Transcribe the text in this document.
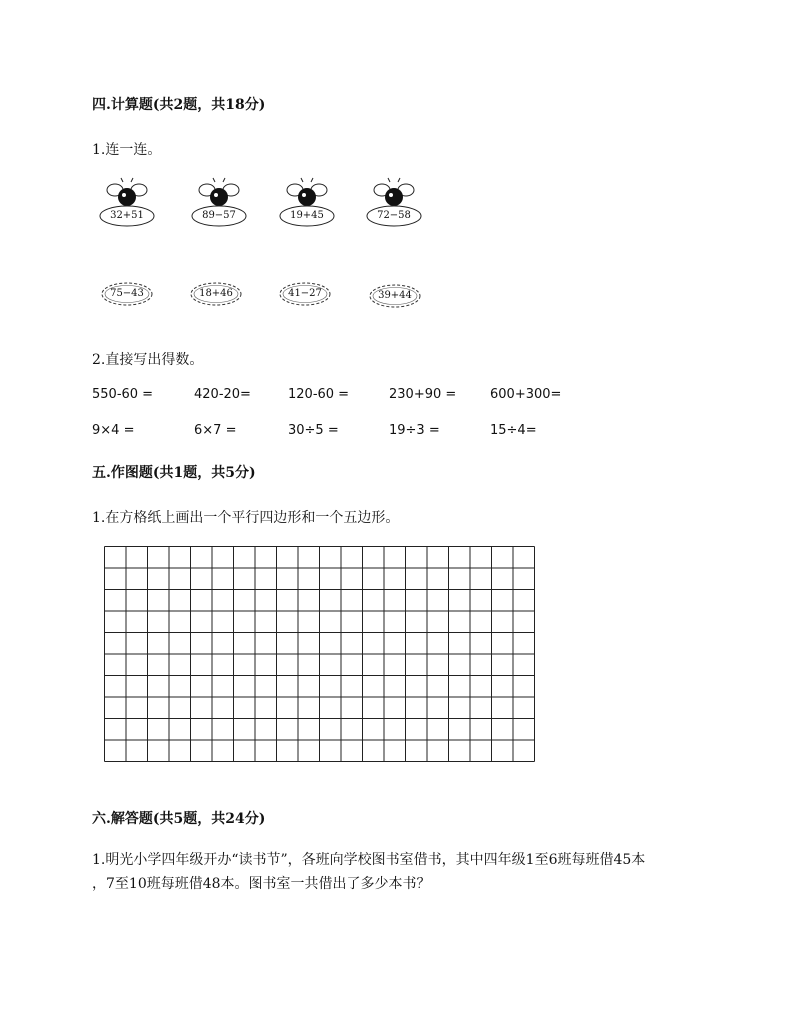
四.计算题(共2题，共18分)
1.连一连。
32+51	89−57	19+45	72−58
75−43	18+46	41−27	39+44
2.直接写出得数。
550-60 =	420-20=	120-60 =	230+90 =	600+300=
9×4 =	6×7 =	30÷5 =	19÷3 =	15÷4=
五.作图题(共1题，共5分)
1.在方格纸上画出一个平行四边形和一个五边形。
六.解答题(共5题，共24分)
1.明光小学四年级开办“读书节”，各班向学校图书室借书，其中四年级1至6班每班借45本
，7至10班每班借48本。图书室一共借出了多少本书？
